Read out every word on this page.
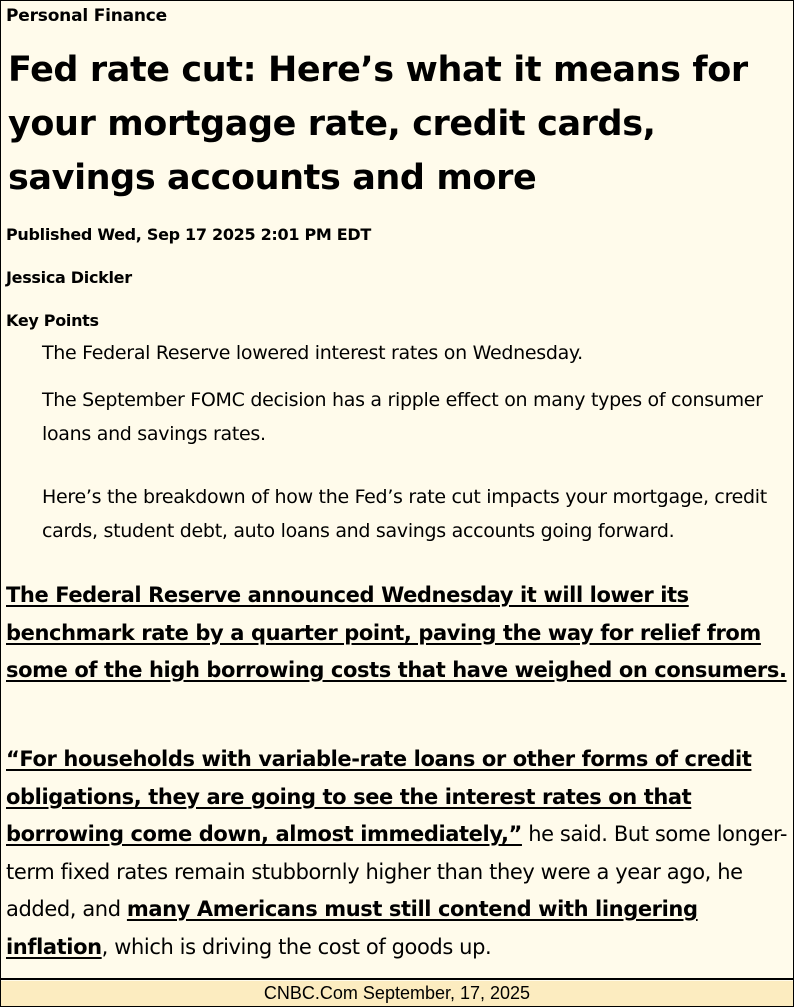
Personal Finance
Fed rate cut: Here’s what it means for your mortgage rate, credit cards, savings accounts and more
Published Wed, Sep 17 2025 2:01 PM EDT
Jessica Dickler
Key Points
The Federal Reserve lowered interest rates on Wednesday.
The September FOMC decision has a ripple effect on many types of consumer loans and savings rates.
Here’s the breakdown of how the Fed’s rate cut impacts your mortgage, credit cards, student debt, auto loans and savings accounts going forward.
The Federal Reserve announced Wednesday it will lower its benchmark rate by a quarter point, paving the way for relief from some of the high borrowing costs that have weighed on consumers.
“For households with variable-rate loans or other forms of credit obligations, they are going to see the interest rates on that borrowing come down, almost immediately,” he said. But some longer-term fixed rates remain stubbornly higher than they were a year ago, he added, and many Americans must still contend with lingering inflation, which is driving the cost of goods up.
CNBC.Com September, 17, 2025
